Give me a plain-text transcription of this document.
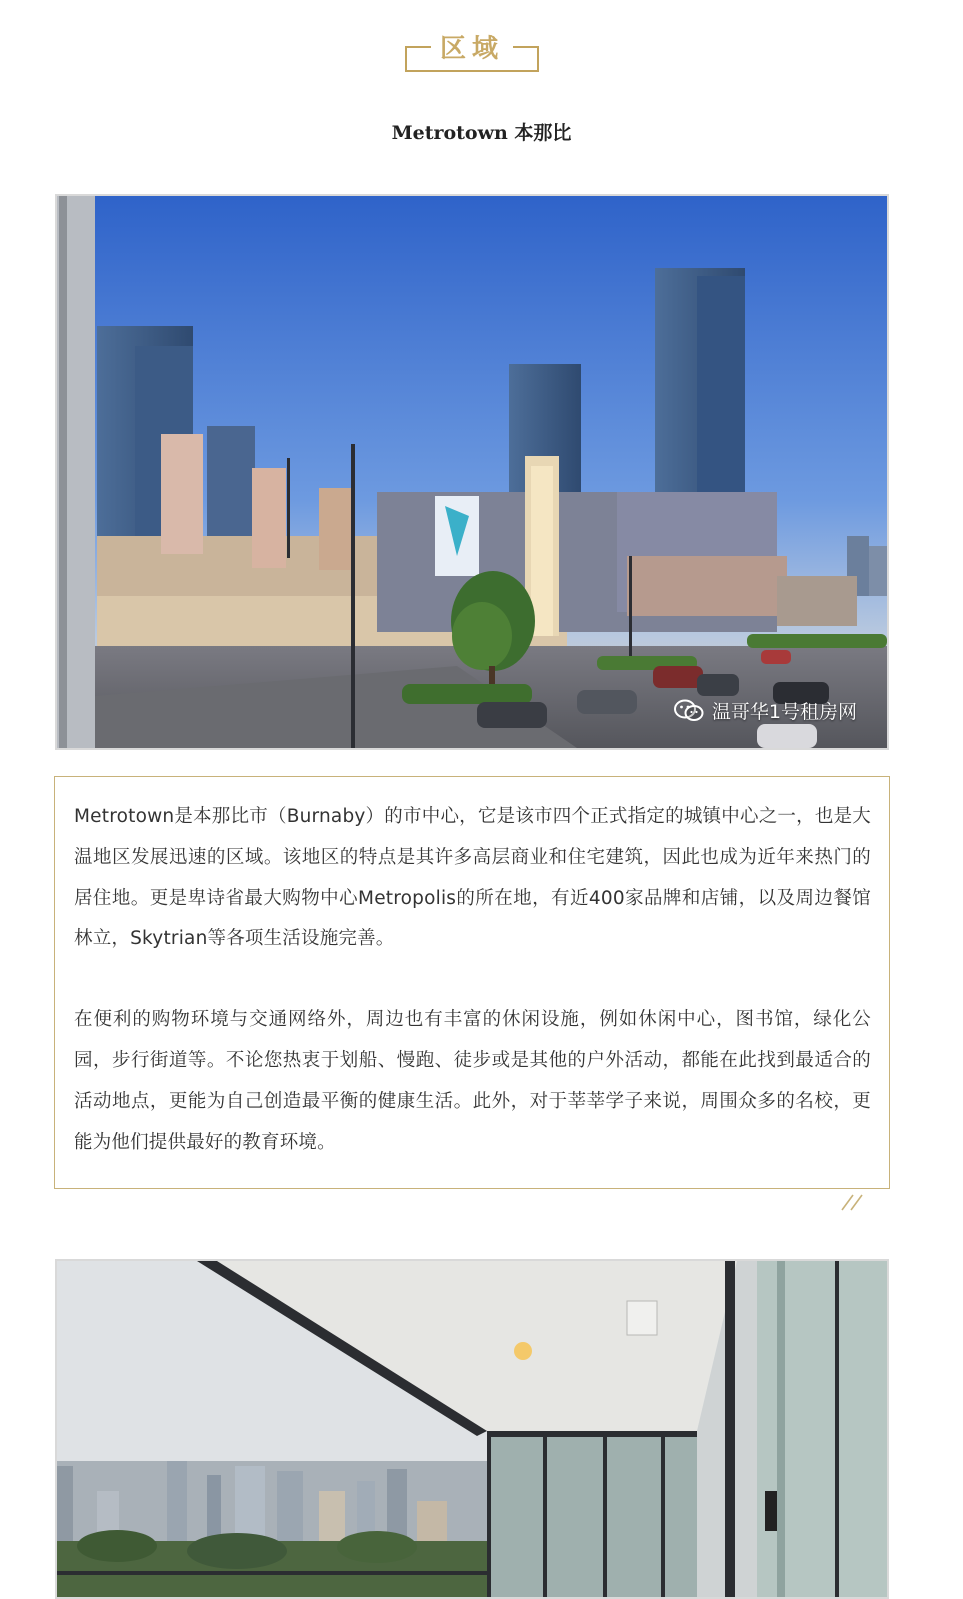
区域
Metrotown 本那比
温哥华1号租房网

Metrotown是本那比市（Burnaby）的市中心，它是该市四个正式指定的城镇中心之一，也是大温地区发展迅速的区域。该地区的特点是其许多高层商业和住宅建筑，因此也成为近年来热门的居住地。更是卑诗省最大购物中心Metropolis的所在地，有近400家品牌和店铺，以及周边餐馆林立，Skytrian等各项生活设施完善。

在便利的购物环境与交通网络外，周边也有丰富的休闲设施，例如休闲中心，图书馆，绿化公园，步行街道等。不论您热衷于划船、慢跑、徒步或是其他的户外活动，都能在此找到最适合的活动地点，更能为自己创造最平衡的健康生活。此外，对于莘莘学子来说，周围众多的名校，更能为他们提供最好的教育环境。
